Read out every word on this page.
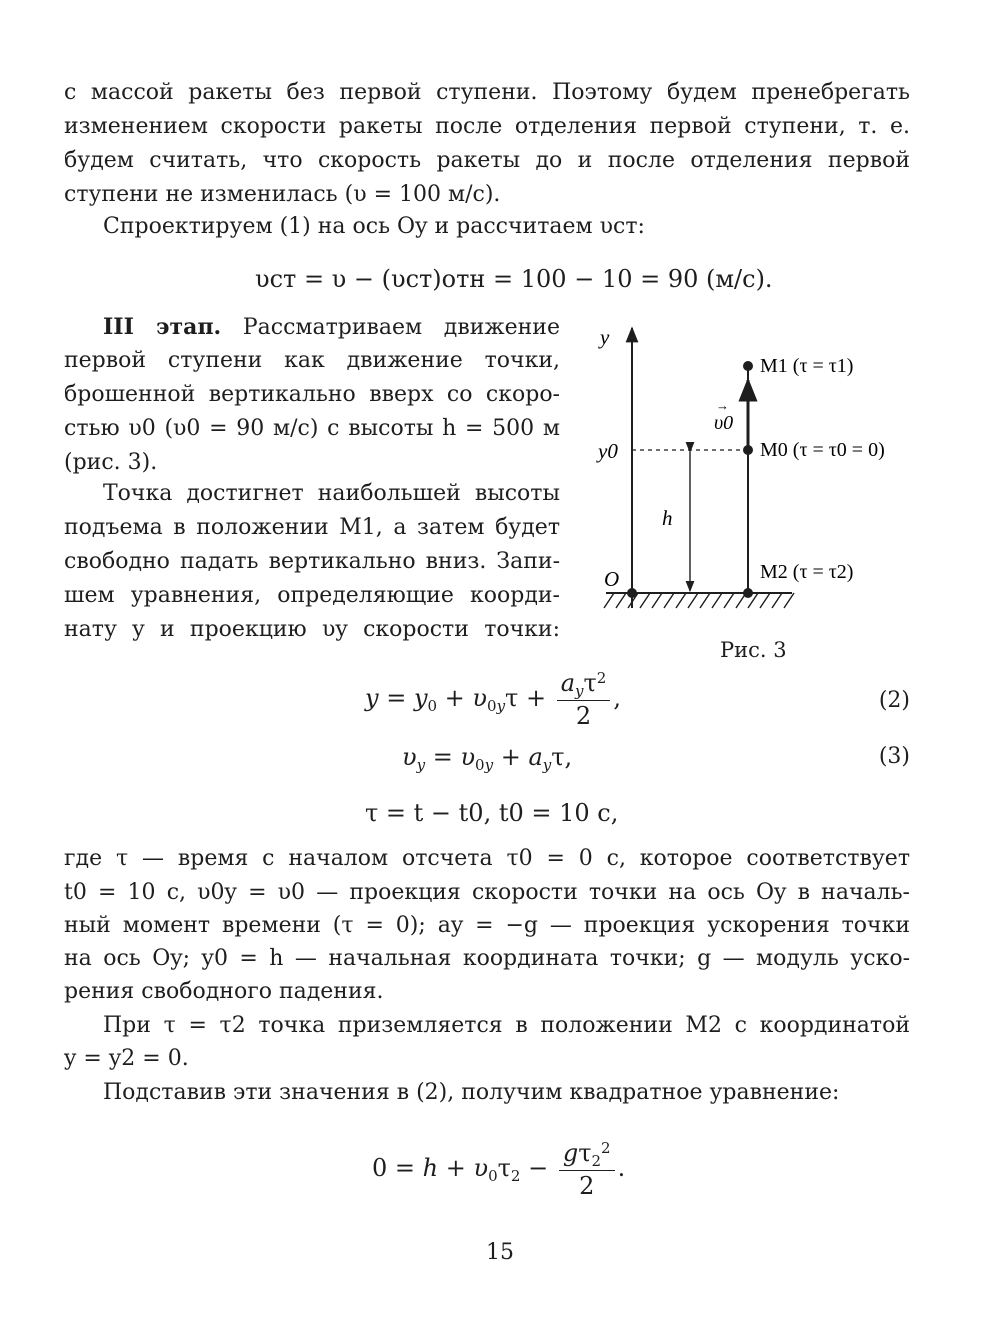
с массой ракеты без первой ступени. Поэтому будем пренебрегать
изменением скорости ракеты после отделения первой ступени, т. е.
будем считать, что скорость ракеты до и после отделения первой
ступени не изменилась (υ = 100 м/с).
Спроектируем (1) на ось Oy и рассчитаем υст:
υст = υ − (υст)отн = 100 − 10 = 90 (м/с).
III этап. Рассматриваем движение
первой ступени как движение точки,
брошенной вертикально вверх со скоро-
стью υ0 (υ0 = 90 м/с) с высоты h = 500 м
(рис. 3).
Точка достигнет наибольшей высоты
подъема в положении M1, а затем будет
свободно падать вертикально вниз. Запи-
шем уравнения, определяющие коорди-
нату y и проекцию υy скорости точки:
y
O
y0
h
υ0
→
M1 (τ = τ1)
M0 (τ = τ0 = 0)
M2 (τ = τ2)
Рис. 3
$y = y_0 + \upsilon_{0y}\tau + \frac{a_y\tau^2}{2}$ ,	(2)
$\upsilon_y = \upsilon_{0y} + a_y\tau$,	(3)
τ = t − t0, t0 = 10 с,
где τ — время с началом отсчета τ0 = 0 с, которое соответствует
t0 = 10 с, υ0y = υ0 — проекция скорости точки на ось Oy в началь-
ный момент времени (τ = 0); ay = −g — проекция ускорения точки
на ось Oy; y0 = h — начальная координата точки; g — модуль уско-
рения свободного падения.
При τ = τ2 точка приземляется в положении M2 с координатой
y = y2 = 0.
Подставив эти значения в (2), получим квадратное уравнение:
$0 = h + \upsilon_0\tau_2 - \frac{g\tau_2^2}{2}$ .
15
